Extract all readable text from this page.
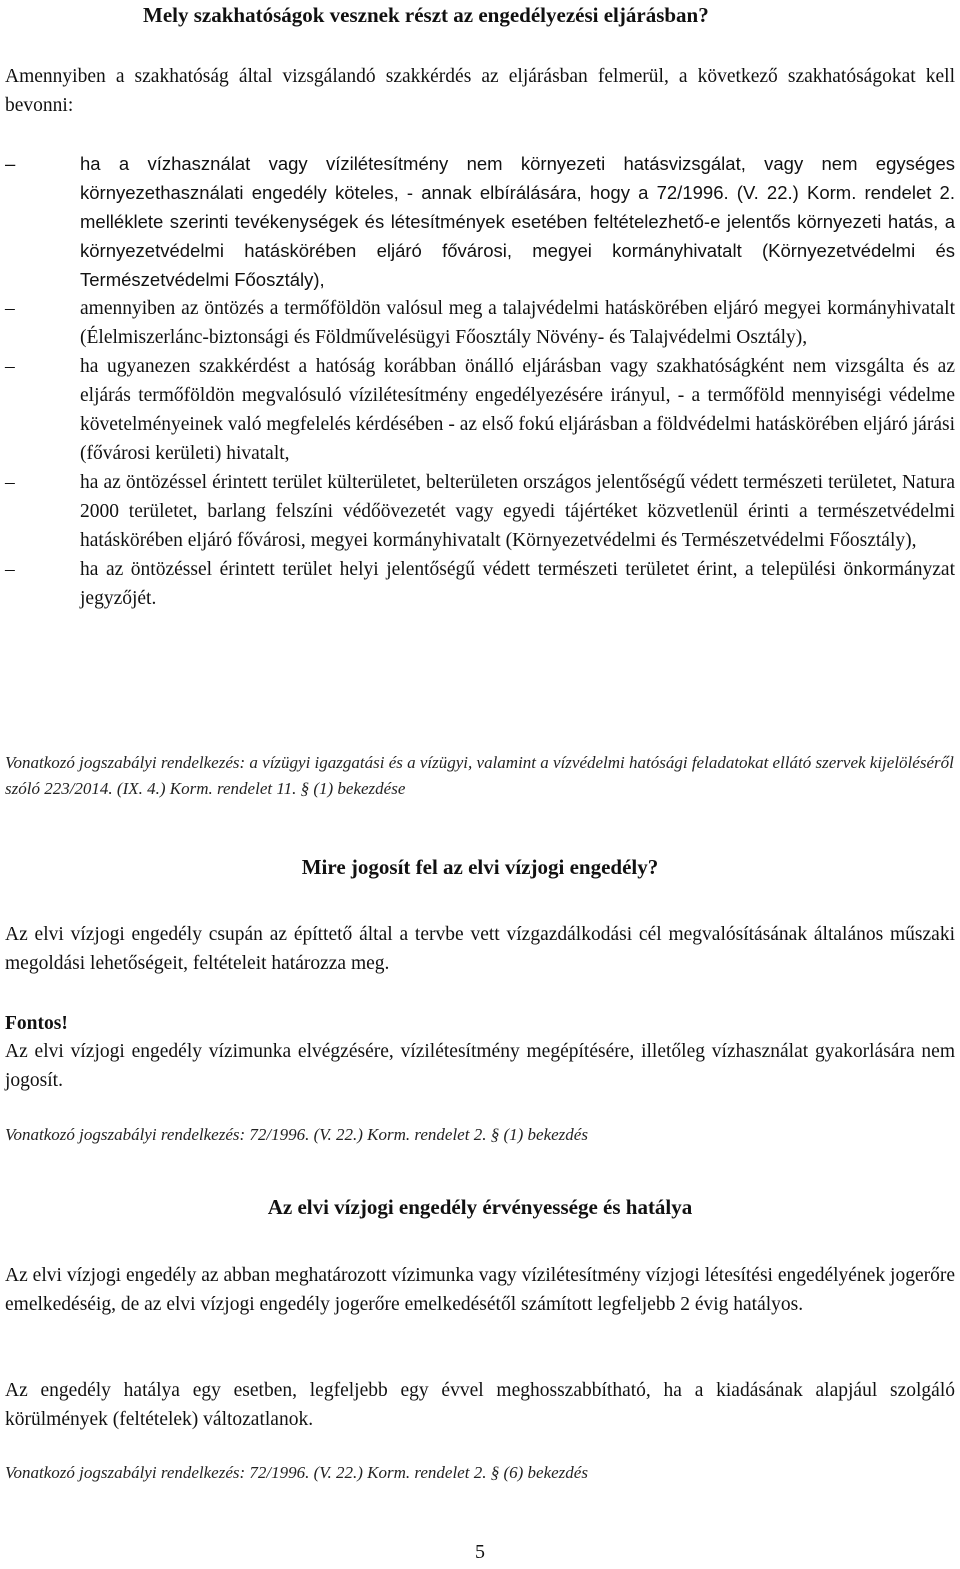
Mely szakhatóságok vesznek részt az engedélyezési eljárásban?
Amennyiben a szakhatóság által vizsgálandó szakkérdés az eljárásban felmerül, a következő szakhatóságokat kell bevonni:
–	ha a vízhasználat vagy vízilétesítmény nem környezeti hatásvizsgálat, vagy nem egységes környezethasználati engedély köteles, - annak elbírálására, hogy a 72/1996. (V. 22.) Korm. rendelet 2. melléklete szerinti tevékenységek és létesítmények esetében feltételezhető-e jelentős környezeti hatás, a környezetvédelmi hatáskörében eljáró fővárosi, megyei kormányhivatalt (Környezetvédelmi és Természetvédelmi Főosztály),
–	amennyiben az öntözés a termőföldön valósul meg a talajvédelmi hatáskörében eljáró megyei kormányhivatalt (Élelmiszerlánc-biztonsági és Földművelésügyi Főosztály Növény- és Talajvédelmi Osztály),
–	ha ugyanezen szakkérdést a hatóság korábban önálló eljárásban vagy szakhatóságként nem vizsgálta és az eljárás termőföldön megvalósuló vízilétesítmény engedélyezésére irányul, - a termőföld mennyiségi védelme követelményeinek való megfelelés kérdésében - az első fokú eljárásban a földvédelmi hatáskörében eljáró járási (fővárosi kerületi) hivatalt,
–	ha az öntözéssel érintett terület külterületet, belterületen országos jelentőségű védett természeti területet, Natura 2000 területet, barlang felszíni védőövezetét vagy egyedi tájértéket közvetlenül érinti a természetvédelmi hatáskörében eljáró fővárosi, megyei kormányhivatalt (Környezetvédelmi és Természetvédelmi Főosztály),
–	ha az öntözéssel érintett terület helyi jelentőségű védett természeti területet érint, a települési önkormányzat jegyzőjét.
Vonatkozó jogszabályi rendelkezés: a vízügyi igazgatási és a vízügyi, valamint a vízvédelmi hatósági feladatokat ellátó szervek kijelöléséről szóló 223/2014. (IX. 4.) Korm. rendelet 11. § (1) bekezdése
Mire jogosít fel az elvi vízjogi engedély?
Az elvi vízjogi engedély csupán az építtető által a tervbe vett vízgazdálkodási cél megvalósításának általános műszaki megoldási lehetőségeit, feltételeit határozza meg.
Fontos!
Az elvi vízjogi engedély vízimunka elvégzésére, vízilétesítmény megépítésére, illetőleg vízhasználat gyakorlására nem jogosít.
Vonatkozó jogszabályi rendelkezés: 72/1996. (V. 22.) Korm. rendelet 2. § (1) bekezdés
Az elvi vízjogi engedély érvényessége és hatálya
Az elvi vízjogi engedély az abban meghatározott vízimunka vagy vízilétesítmény vízjogi létesítési engedélyének jogerőre emelkedéséig, de az elvi vízjogi engedély jogerőre emelkedésétől számított legfeljebb 2 évig hatályos.
Az engedély hatálya egy esetben, legfeljebb egy évvel meghosszabbítható, ha a kiadásának alapjául szolgáló körülmények (feltételek) változatlanok.
Vonatkozó jogszabályi rendelkezés: 72/1996. (V. 22.) Korm. rendelet 2. § (6) bekezdés
5
